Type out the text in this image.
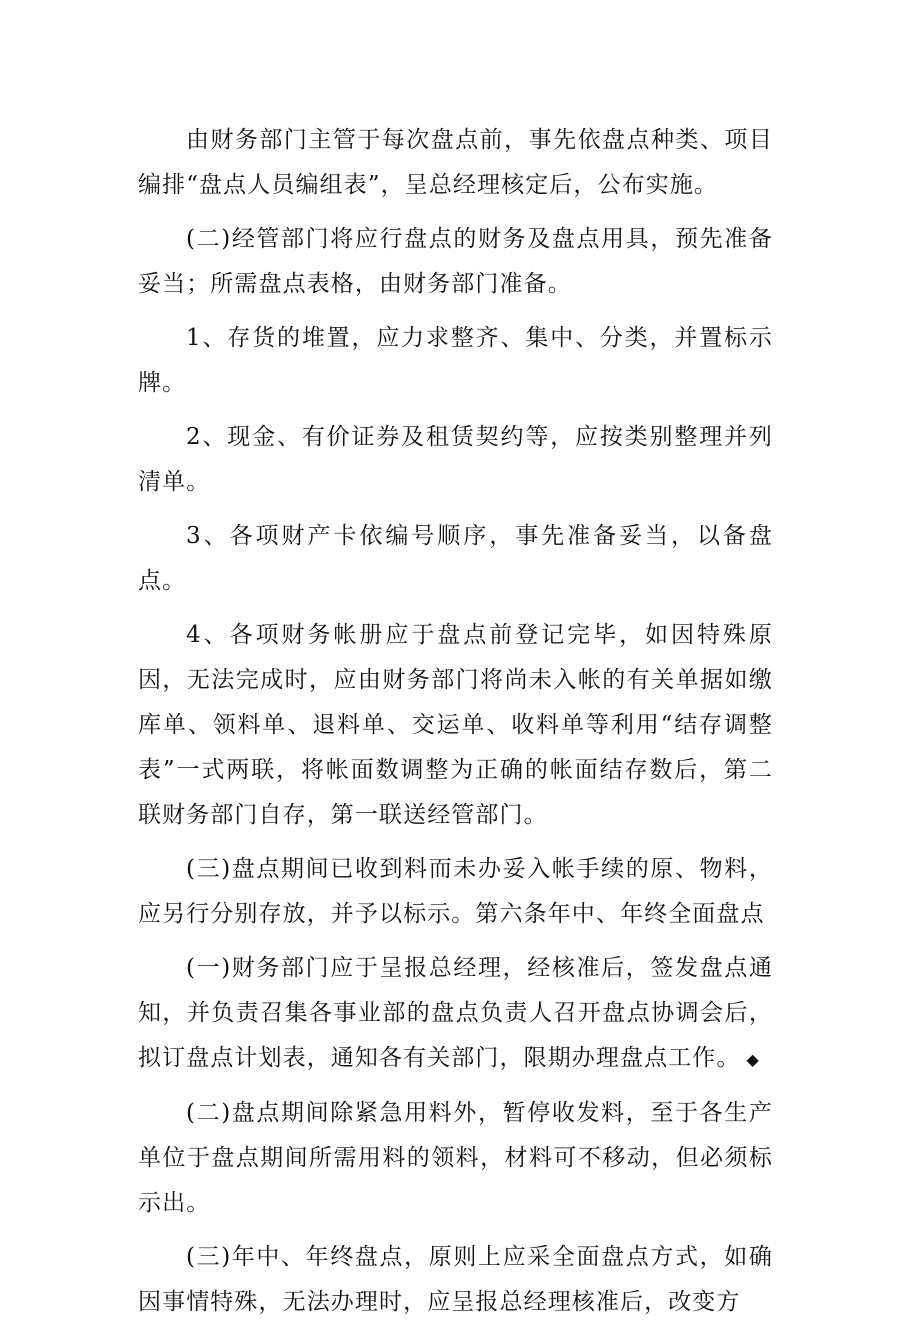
由财务部门主管于每次盘点前，事先依盘点种类、项目编排“盘点人员编组表”，呈总经理核定后，公布实施。

(二)经管部门将应行盘点的财务及盘点用具，预先准备妥当；所需盘点表格，由财务部门准备。

1、存货的堆置，应力求整齐、集中、分类，并置标示牌。

2、现金、有价证券及租赁契约等，应按类别整理并列清单。

3、各项财产卡依编号顺序，事先准备妥当，以备盘点。

4、各项财务帐册应于盘点前登记完毕，如因特殊原因，无法完成时，应由财务部门将尚未入帐的有关单据如缴库单、领料单、退料单、交运单、收料单等利用“结存调整表”一式两联，将帐面数调整为正确的帐面结存数后，第二联财务部门自存，第一联送经管部门。

(三)盘点期间已收到料而未办妥入帐手续的原、物料，应另行分别存放，并予以标示。第六条年中、年终全面盘点

(一)财务部门应于呈报总经理，经核准后，签发盘点通知，并负责召集各事业部的盘点负责人召开盘点协调会后，拟订盘点计划表，通知各有关部门，限期办理盘点工作。 ◆

(二)盘点期间除紧急用料外，暂停收发料，至于各生产单位于盘点期间所需用料的领料，材料可不移动，但必须标示出。

(三)年中、年终盘点，原则上应采全面盘点方式，如确因事情特殊，无法办理时，应呈报总经理核准后，改变方
